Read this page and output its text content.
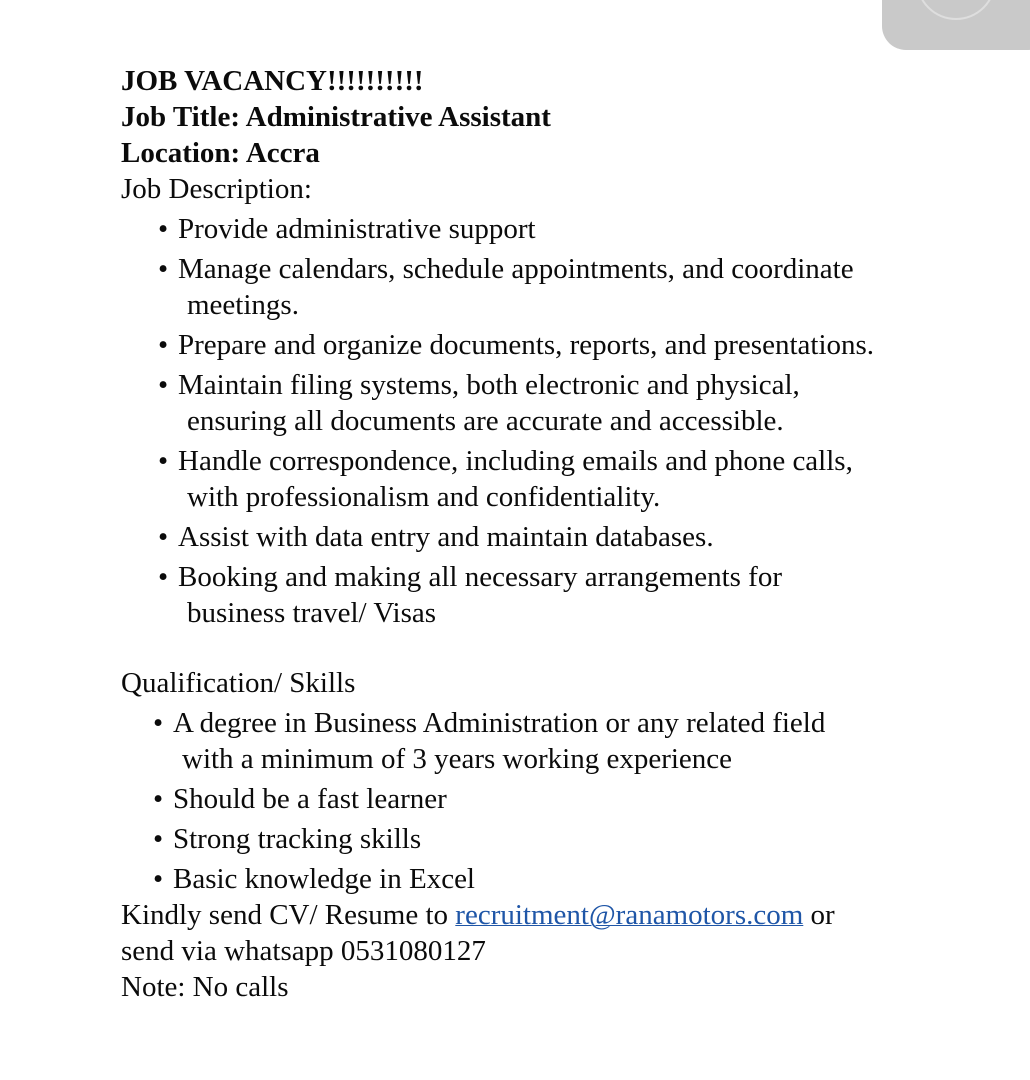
JOB VACANCY!!!!!!!!!!
Job Title: Administrative Assistant
Location: Accra
Job Description:
• Provide administrative support
• Manage calendars, schedule appointments, and coordinate
meetings.
• Prepare and organize documents, reports, and presentations.
• Maintain filing systems, both electronic and physical,
ensuring all documents are accurate and accessible.
• Handle correspondence, including emails and phone calls,
with professionalism and confidentiality.
• Assist with data entry and maintain databases.
• Booking and making all necessary arrangements for
business travel/ Visas
Qualification/ Skills
• A degree in Business Administration or any related field
with a minimum of 3 years working experience
• Should be a fast learner
• Strong tracking skills
• Basic knowledge in Excel
Kindly send CV/ Resume to recruitment@ranamotors.com or
send via whatsapp 0531080127
Note: No calls
